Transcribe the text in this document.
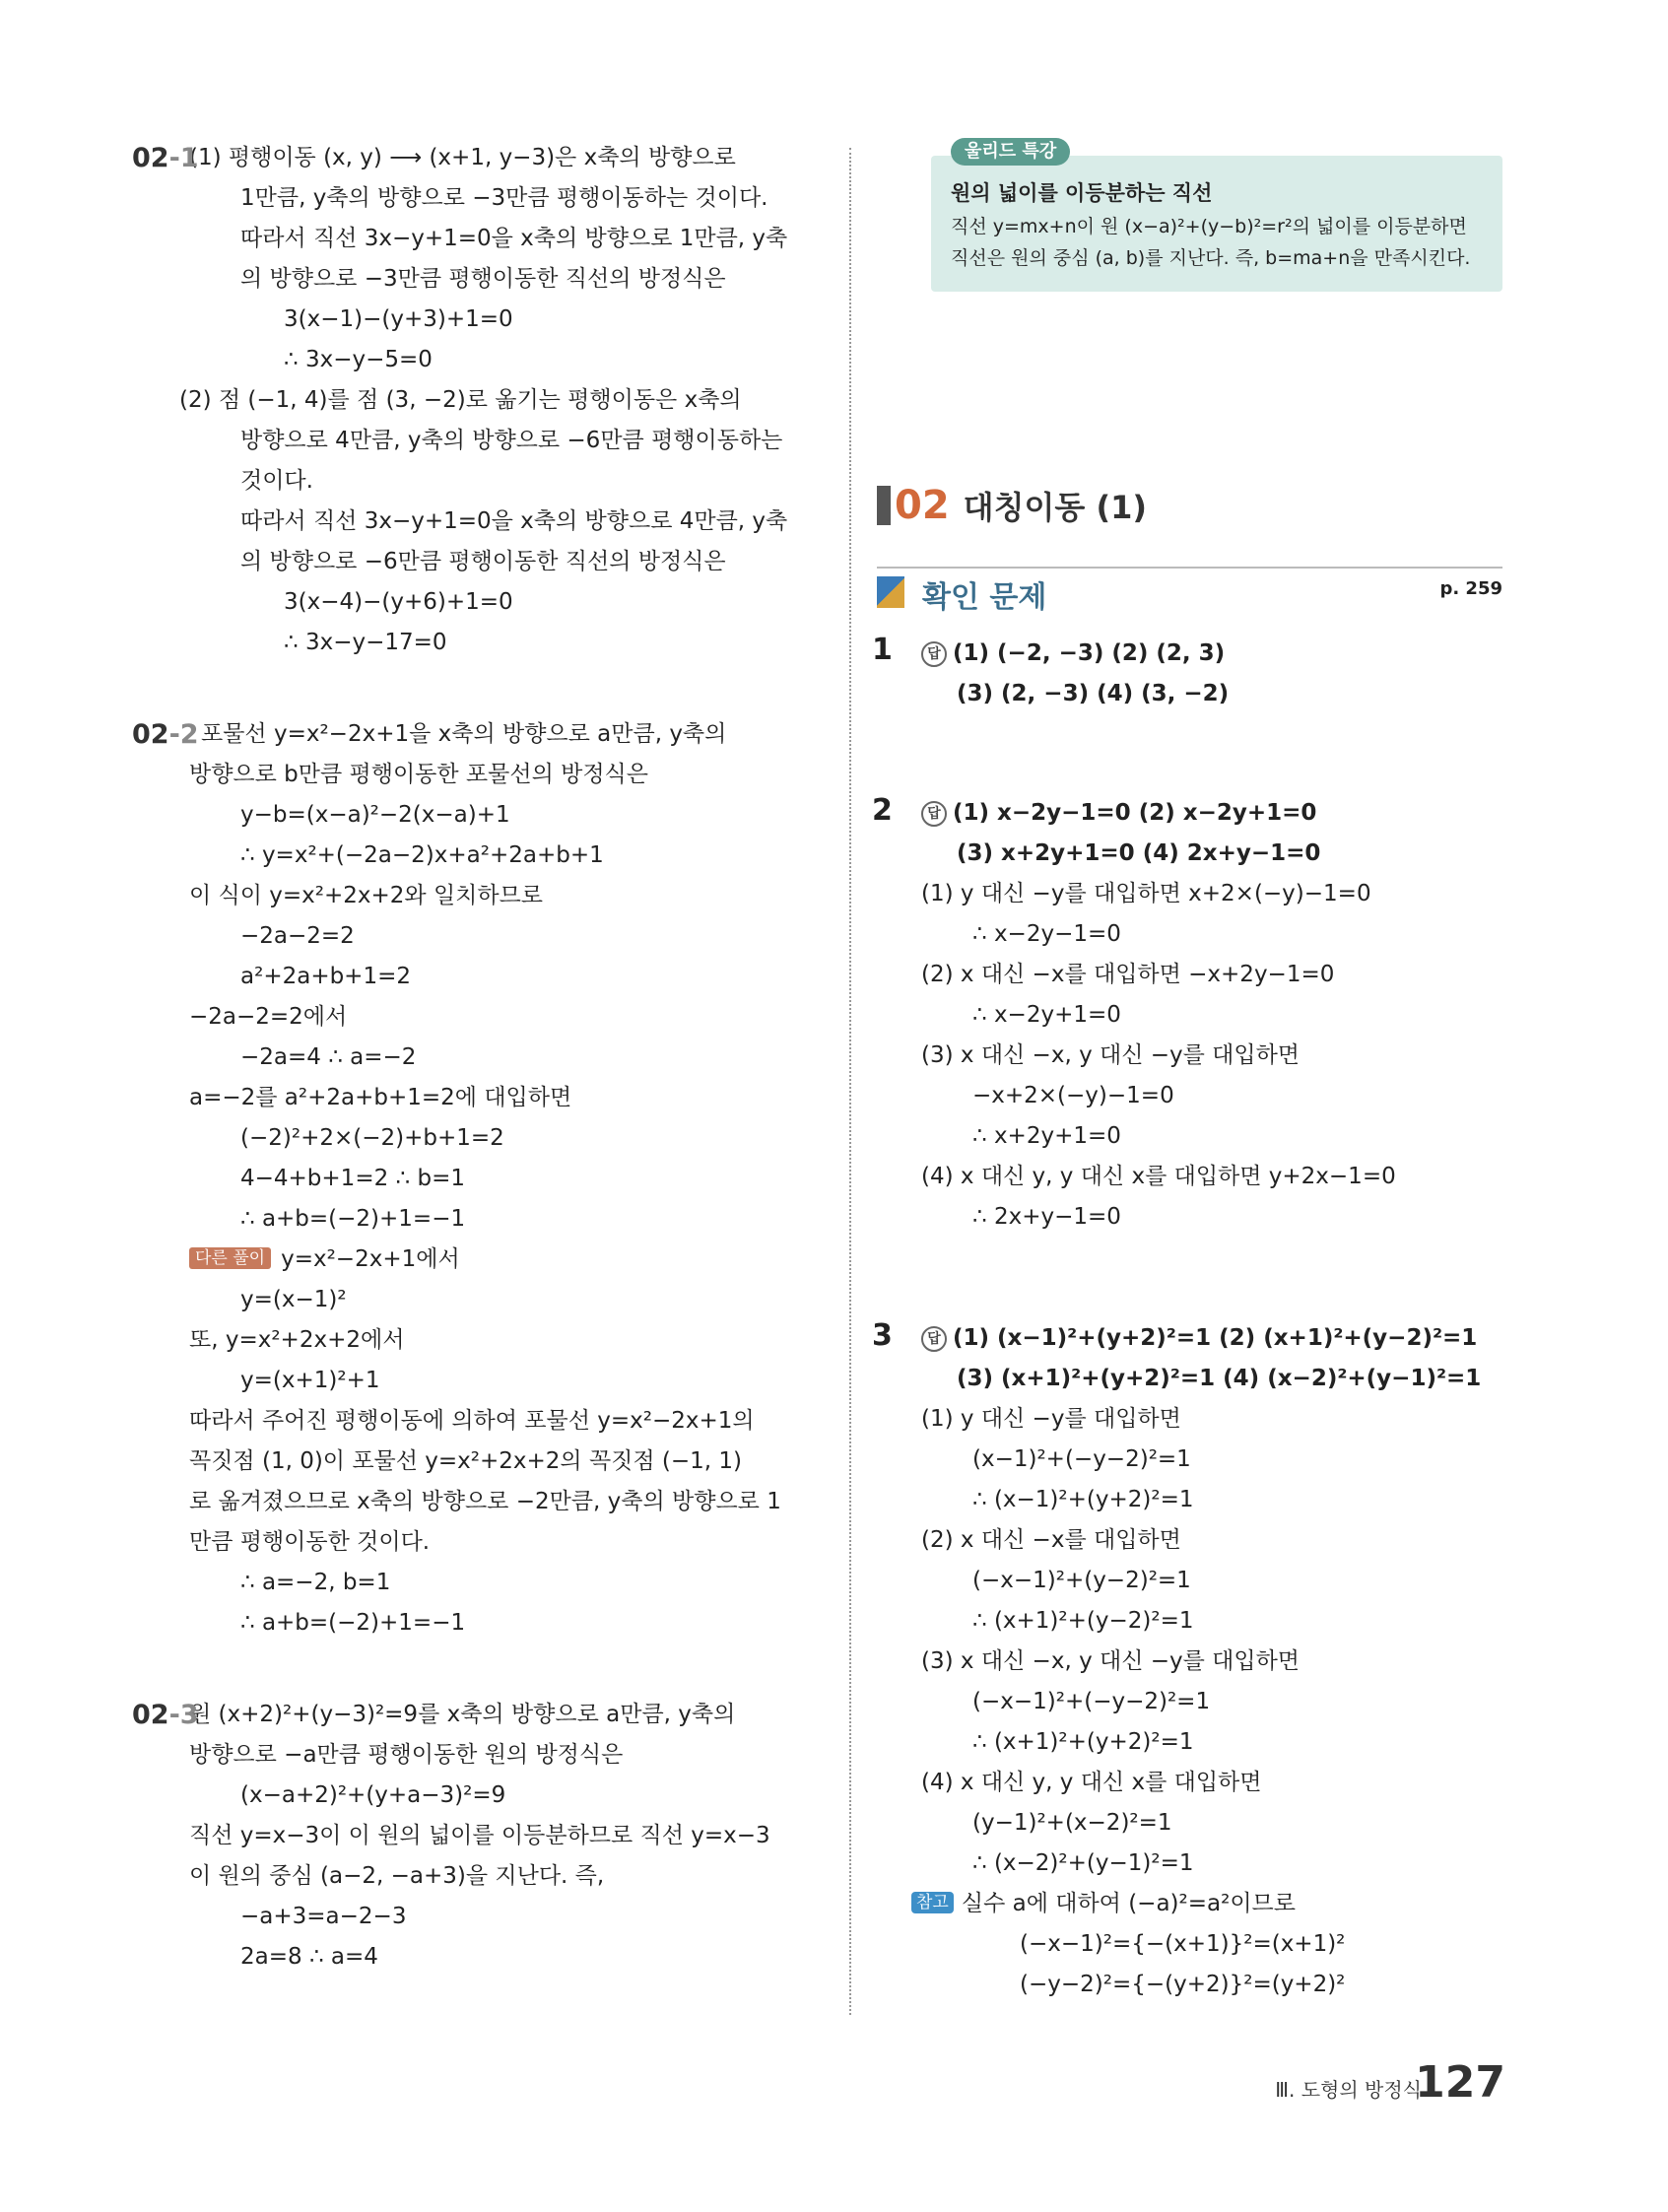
02-1
(1) 평행이동 (x, y) ⟶ (x+1, y−3)은 x축의 방향으로
1만큼, y축의 방향으로 −3만큼 평행이동하는 것이다.
따라서 직선 3x−y+1=0을 x축의 방향으로 1만큼, y축
의 방향으로 −3만큼 평행이동한 직선의 방정식은
3(x−1)−(y+3)+1=0
∴ 3x−y−5=0
(2) 점 (−1, 4)를 점 (3, −2)로 옮기는 평행이동은 x축의
방향으로 4만큼, y축의 방향으로 −6만큼 평행이동하는
것이다.
따라서 직선 3x−y+1=0을 x축의 방향으로 4만큼, y축
의 방향으로 −6만큼 평행이동한 직선의 방정식은
3(x−4)−(y+6)+1=0
∴ 3x−y−17=0
02-2 포물선 y=x²−2x+1을 x축의 방향으로 a만큼, y축의
방향으로 b만큼 평행이동한 포물선의 방정식은
y−b=(x−a)²−2(x−a)+1
∴ y=x²+(−2a−2)x+a²+2a+b+1
이 식이 y=x²+2x+2와 일치하므로
−2a−2=2
a²+2a+b+1=2
−2a−2=2에서
−2a=4 ∴ a=−2
a=−2를 a²+2a+b+1=2에 대입하면
(−2)²+2×(−2)+b+1=2
4−4+b+1=2 ∴ b=1
∴ a+b=(−2)+1=−1
다른 풀이 y=x²−2x+1에서
y=(x−1)²
또, y=x²+2x+2에서
y=(x+1)²+1
따라서 주어진 평행이동에 의하여 포물선 y=x²−2x+1의
꼭짓점 (1, 0)이 포물선 y=x²+2x+2의 꼭짓점 (−1, 1)
로 옮겨졌으므로 x축의 방향으로 −2만큼, y축의 방향으로 1
만큼 평행이동한 것이다.
∴ a=−2, b=1
∴ a+b=(−2)+1=−1
02-3
원 (x+2)²+(y−3)²=9를 x축의 방향으로 a만큼, y축의
방향으로 −a만큼 평행이동한 원의 방정식은
(x−a+2)²+(y+a−3)²=9
직선 y=x−3이 이 원의 넓이를 이등분하므로 직선 y=x−3
이 원의 중심 (a−2, −a+3)을 지난다. 즉,
−a+3=a−2−3
2a=8 ∴ a=4
울리드 특강
원의 넓이를 이등분하는 직선
직선 y=mx+n이 원 (x−a)²+(y−b)²=r²의 넓이를 이등분하면 직선은 원의 중심 (a, b)를 지난다. 즉, b=ma+n을 만족시킨다.
02 대칭이동 (1)
확인 문제	p. 259
1	답 (1) (−2, −3) (2) (2, 3)
(3) (2, −3) (4) (3, −2)
2	답 (1) x−2y−1=0 (2) x−2y+1=0
(3) x+2y+1=0 (4) 2x+y−1=0
(1) y 대신 −y를 대입하면 x+2×(−y)−1=0
∴ x−2y−1=0
(2) x 대신 −x를 대입하면 −x+2y−1=0
∴ x−2y+1=0
(3) x 대신 −x, y 대신 −y를 대입하면
−x+2×(−y)−1=0
∴ x+2y+1=0
(4) x 대신 y, y 대신 x를 대입하면 y+2x−1=0
∴ 2x+y−1=0
3	답 (1) (x−1)²+(y+2)²=1 (2) (x+1)²+(y−2)²=1
(3) (x+1)²+(y+2)²=1 (4) (x−2)²+(y−1)²=1
(1) y 대신 −y를 대입하면
(x−1)²+(−y−2)²=1
∴ (x−1)²+(y+2)²=1
(2) x 대신 −x를 대입하면
(−x−1)²+(y−2)²=1
∴ (x+1)²+(y−2)²=1
(3) x 대신 −x, y 대신 −y를 대입하면
(−x−1)²+(−y−2)²=1
∴ (x+1)²+(y+2)²=1
(4) x 대신 y, y 대신 x를 대입하면
(y−1)²+(x−2)²=1
∴ (x−2)²+(y−1)²=1
참고 실수 a에 대하여 (−a)²=a²이므로
(−x−1)²={−(x+1)}²=(x+1)²
(−y−2)²={−(y+2)}²=(y+2)²
Ⅲ. 도형의 방정식
127
